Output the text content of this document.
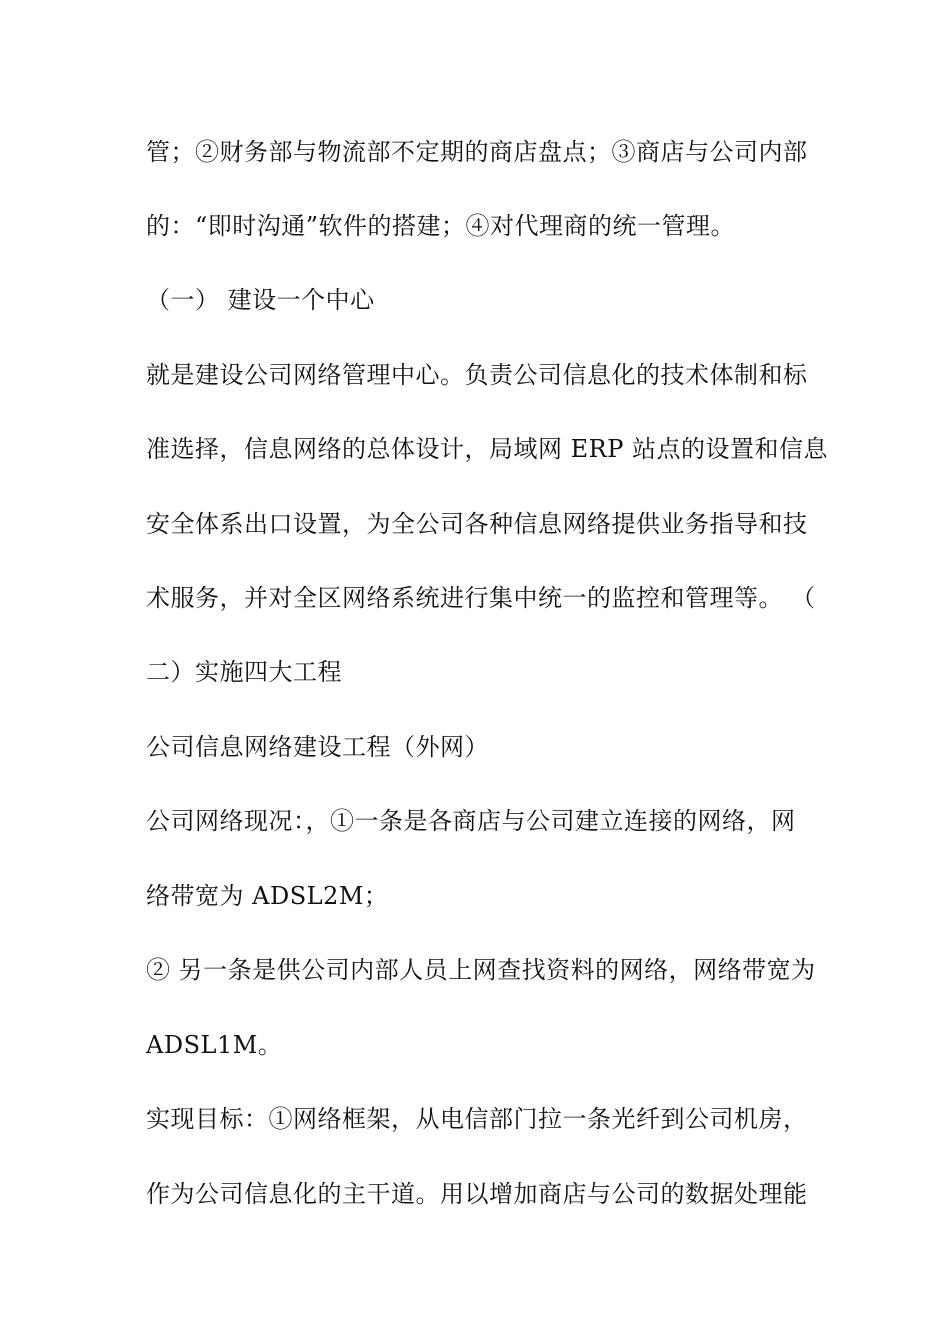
管；②财务部与物流部不定期的商店盘点；③商店与公司内部
的：“即时沟通”软件的搭建；④对代理商的统一管理。
（一） 建设一个中心
就是建设公司网络管理中心。负责公司信息化的技术体制和标
准选择，信息网络的总体设计，局域网 ERP 站点的设置和信息
安全体系出口设置，为全公司各种信息网络提供业务指导和技
术服务，并对全区网络系统进行集中统一的监控和管理等。 （
二）实施四大工程
公司信息网络建设工程（外网）
公司网络现况：，①一条是各商店与公司建立连接的网络，网
络带宽为 ADSL2M；
② 另一条是供公司内部人员上网查找资料的网络，网络带宽为
ADSL1M。
实现目标：①网络框架，从电信部门拉一条光纤到公司机房，
作为公司信息化的主干道。用以增加商店与公司的数据处理能
